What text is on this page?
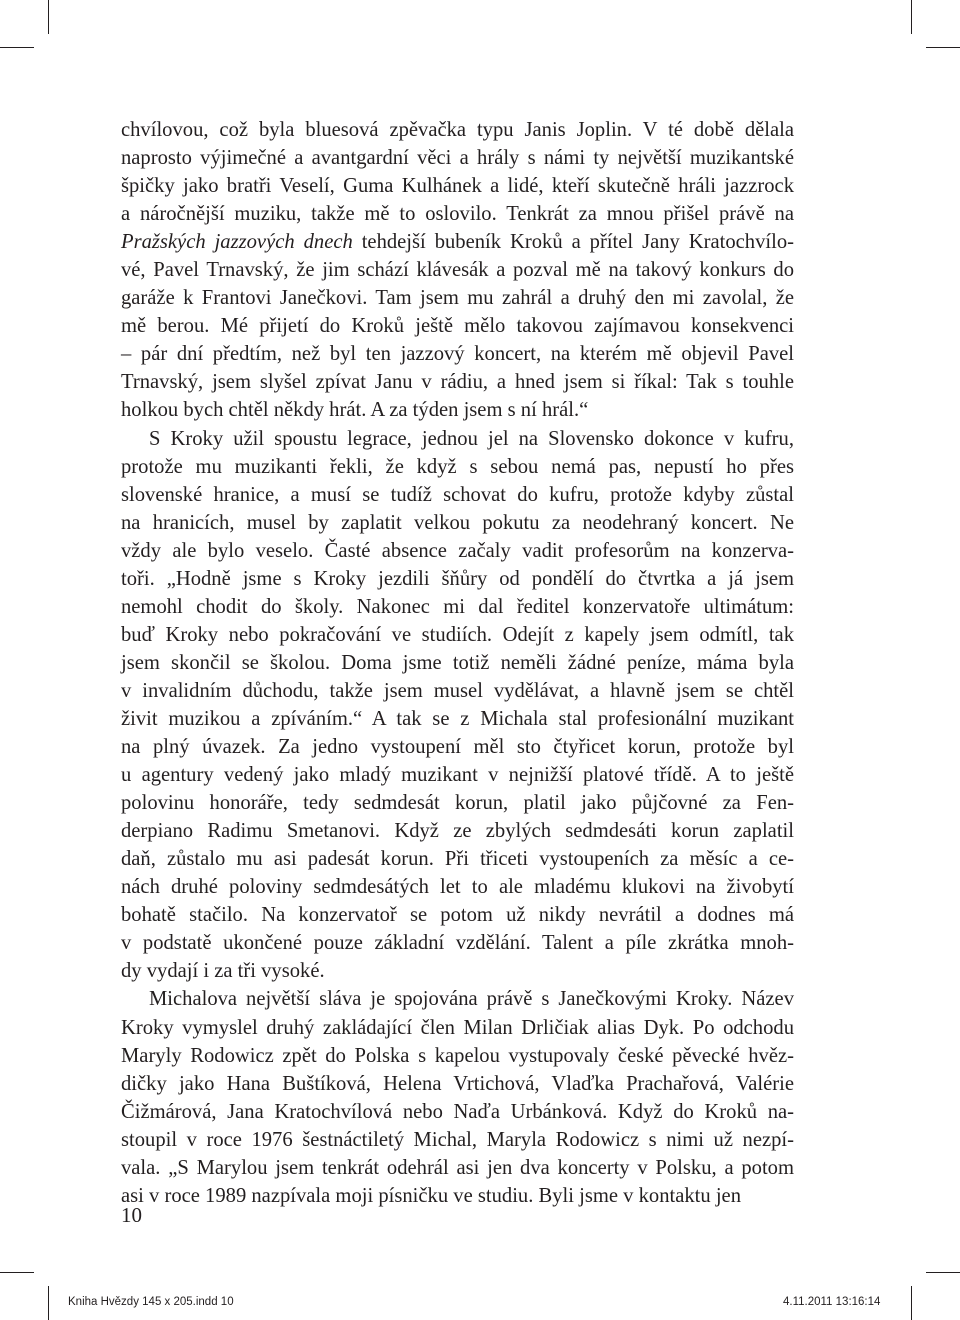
chvílovou, což byla bluesová zpěvačka typu Janis Joplin. V té době dělala
naprosto výjimečné a avantgardní věci a hrály s námi ty největší muzikantské
špičky jako bratři Veselí, Guma Kulhánek a lidé, kteří skutečně hráli jazzrock
a náročnější muziku, takže mě to oslovilo. Tenkrát za mnou přišel právě na
Pražských jazzových dnech tehdejší bubeník Kroků a přítel Jany Kratochvílo-
vé, Pavel Trnavský, že jim schází klávesák a pozval mě na takový konkurs do
garáže k Frantovi Janečkovi. Tam jsem mu zahrál a druhý den mi zavolal, že
mě berou. Mé přijetí do Kroků ještě mělo takovou zajímavou konsekvenci
– pár dní předtím, než byl ten jazzový koncert, na kterém mě objevil Pavel
Trnavský, jsem slyšel zpívat Janu v rádiu, a hned jsem si říkal: Tak s touhle
holkou bych chtěl někdy hrát. A za týden jsem s ní hrál.“
S Kroky užil spoustu legrace, jednou jel na Slovensko dokonce v kufru,
protože mu muzikanti řekli, že když s sebou nemá pas, nepustí ho přes
slovenské hranice, a musí se tudíž schovat do kufru, protože kdyby zůstal
na hranicích, musel by zaplatit velkou pokutu za neodehraný koncert. Ne
vždy ale bylo veselo. Časté absence začaly vadit profesorům na konzerva-
toři. „Hodně jsme s Kroky jezdili šňůry od pondělí do čtvrtka a já jsem
nemohl chodit do školy. Nakonec mi dal ředitel konzervatoře ultimátum:
buď Kroky nebo pokračování ve studiích. Odejít z kapely jsem odmítl, tak
jsem skončil se školou. Doma jsme totiž neměli žádné peníze, máma byla
v invalidním důchodu, takže jsem musel vydělávat, a hlavně jsem se chtěl
živit muzikou a zpíváním.“ A tak se z Michala stal profesionální muzikant
na plný úvazek. Za jedno vystoupení měl sto čtyřicet korun, protože byl
u agentury vedený jako mladý muzikant v nejnižší platové třídě. A to ještě
polovinu honoráře, tedy sedmdesát korun, platil jako půjčovné za Fen-
derpiano Radimu Smetanovi. Když ze zbylých sedmdesáti korun zaplatil
daň, zůstalo mu asi padesát korun. Při třiceti vystoupeních za měsíc a ce-
nách druhé poloviny sedmdesátých let to ale mladému klukovi na živobytí
bohatě stačilo. Na konzervatoř se potom už nikdy nevrátil a dodnes má
v podstatě ukončené pouze základní vzdělání. Talent a píle zkrátka mnoh-
dy vydají i za tři vysoké.
Michalova největší sláva je spojována právě s Janečkovými Kroky. Název
Kroky vymyslel druhý zakládající člen Milan Drličiak alias Dyk. Po odchodu
Maryly Rodowicz zpět do Polska s kapelou vystupovaly české pěvecké hvěz-
dičky jako Hana Buštíková, Helena Vrtichová, Vlaďka Prachařová, Valérie
Čižmárová, Jana Kratochvílová nebo Naďa Urbánková. Když do Kroků na-
stoupil v roce 1976 šestnáctiletý Michal, Maryla Rodowicz s nimi už nezpí-
vala. „S Marylou jsem tenkrát odehrál asi jen dva koncerty v Polsku, a potom
asi v roce 1989 nazpívala moji písničku ve studiu. Byli jsme v kontaktu jen
10
Kniha Hvězdy 145 x 205.indd 10	4.11.2011 13:16:14
